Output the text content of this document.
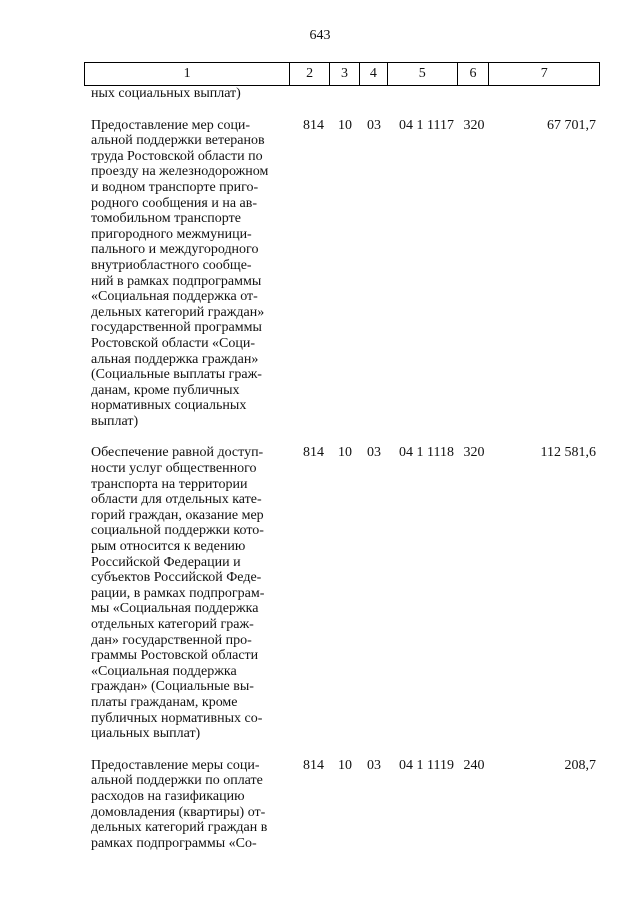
643
1	2	3	4	5	6	7
ных социальных выплат)
Предоставление мер соци-
альной поддержки ветеранов
труда Ростовской области по
проезду на железнодорожном
и водном транспорте приго-
родного сообщения и на ав-
томобильном транспорте
пригородного межмуници-
пального и междугородного
внутриобластного сообще-
ний в рамках подпрограммы
«Социальная поддержка от-
дельных категорий граждан»
государственной программы
Ростовской области «Соци-
альная поддержка граждан»
(Социальные выплаты граж-
данам, кроме публичных
нормативных социальных
выплат)
814	10	03	04 1 1117 320	67 701,7
Обеспечение равной доступ-
ности услуг общественного
транспорта на территории
области для отдельных кате-
горий граждан, оказание мер
социальной поддержки кото-
рым относится к ведению
Российской Федерации и
субъектов Российской Феде-
рации, в рамках подпрограм-
мы «Социальная поддержка
отдельных категорий граж-
дан» государственной про-
граммы Ростовской области
«Социальная поддержка
граждан» (Социальные вы-
платы гражданам, кроме
публичных нормативных со-
циальных выплат)
814	10	03	04 1 1118 320	112 581,6
Предоставление меры соци-
альной поддержки по оплате
расходов на газификацию
домовладения (квартиры) от-
дельных категорий граждан в
рамках подпрограммы «Со-
814	10	03	04 1 1119 240	208,7
